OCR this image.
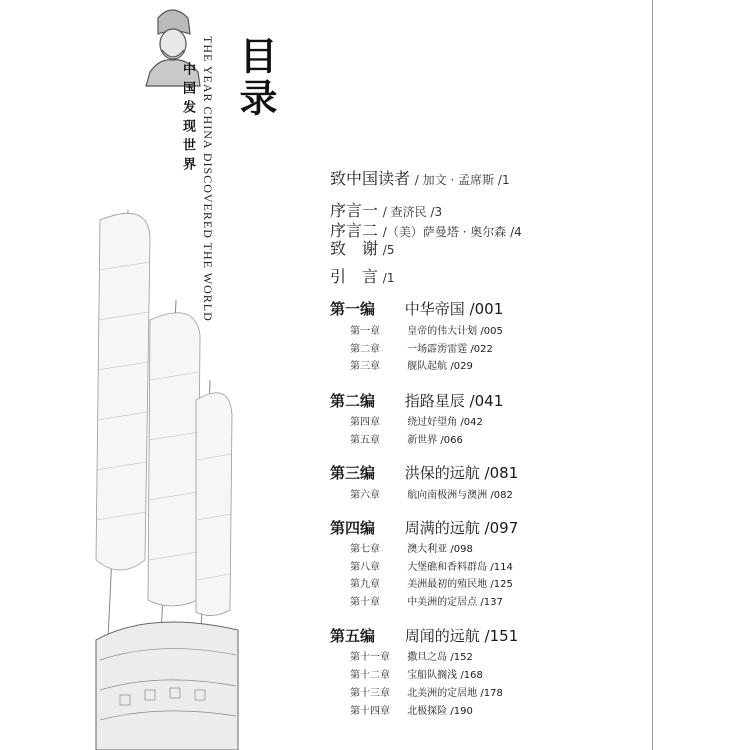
中国发现世界 THE YEAR CHINA DISCOVERED THE WORLD 目录
致中国读者 / 加文 · 孟席斯 /1
序言一 / 查济民 /3
序言二 /（美）萨曼塔 · 奥尔森 /4
致　谢 /5
引　言 /1
第一编 中华帝国 /001
第一章	皇帝的伟大计划 /005
第二章	一场霹雳雷霆 /022
第三章	舰队起航 /029
第二编 指路星辰 /041
第四章	绕过好望角 /042
第五章	新世界 /066
第三编 洪保的远航 /081
第六章	航向南极洲与澳洲 /082
第四编 周满的远航 /097
第七章	澳大利亚 /098
第八章	大堡礁和香料群岛 /114
第九章	美洲最初的殖民地 /125
第十章	中美洲的定居点 /137
第五编 周闻的远航 /151
第十一章 撒旦之岛 /152
第十二章 宝船队搁浅 /168
第十三章 北美洲的定居地 /178
第十四章 北极探险 /190
